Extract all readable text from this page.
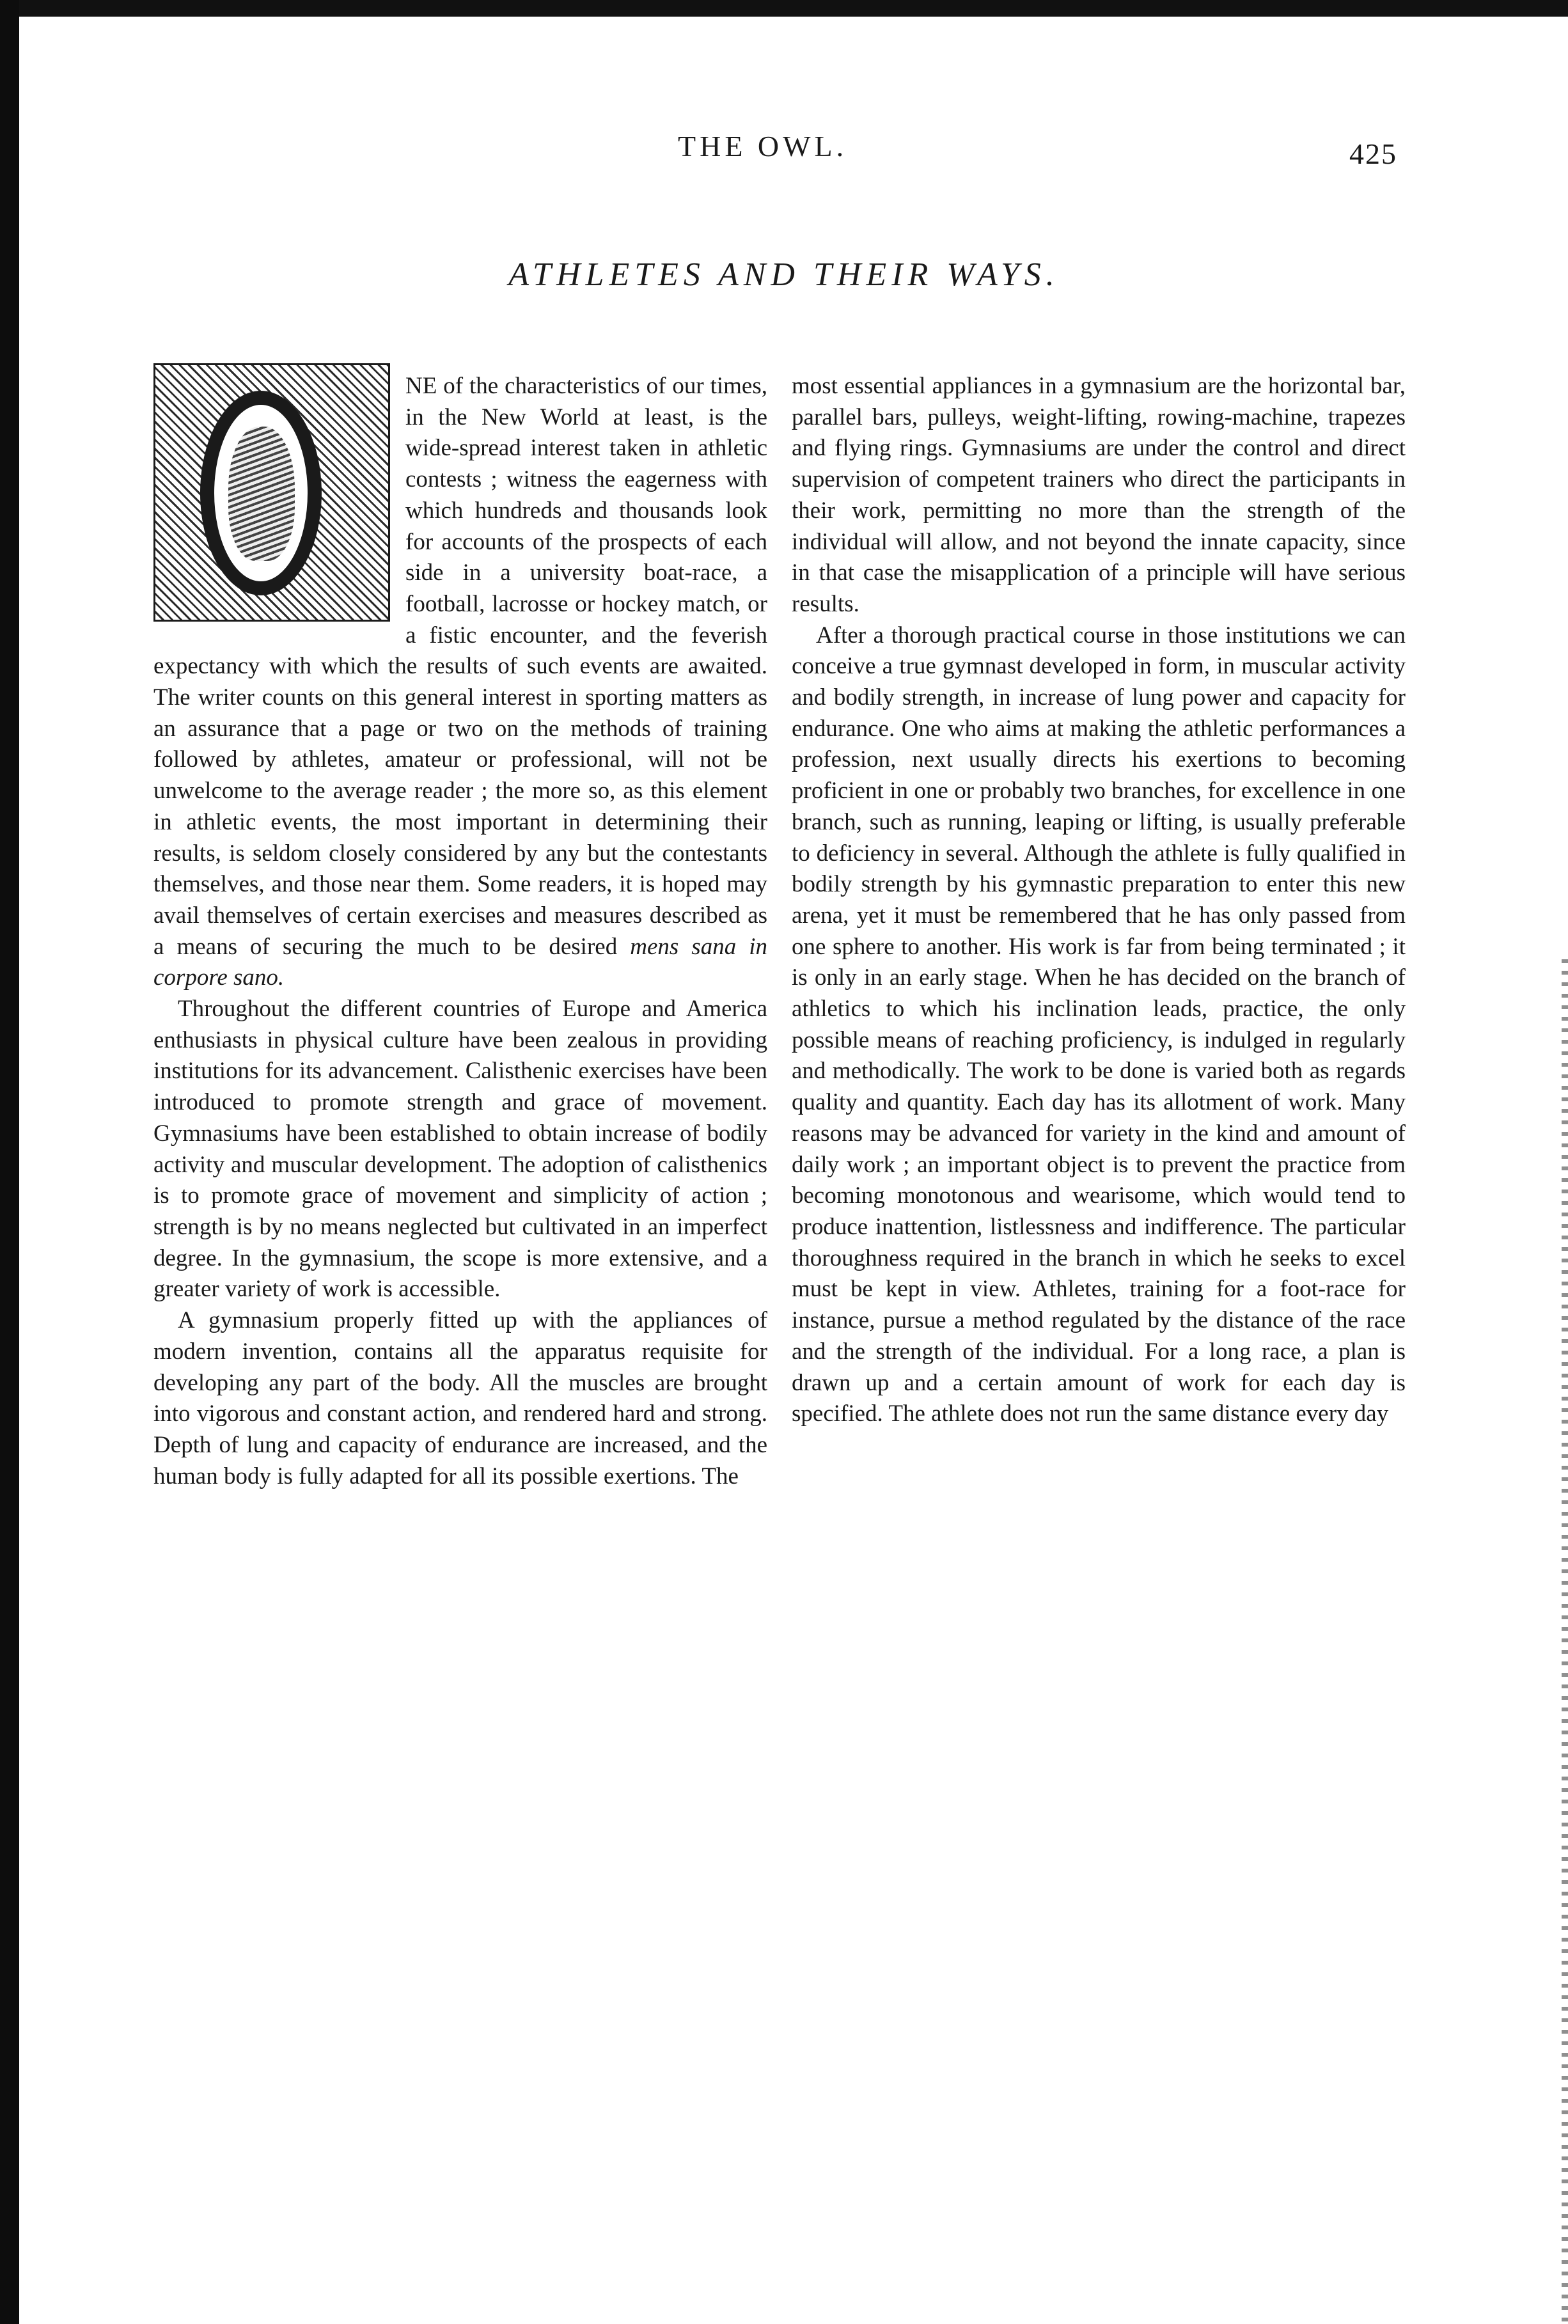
THE OWL.	425
ATHLETES AND THEIR WAYS.

NE of the characteristics of our times, in the New World at least, is the wide-spread interest taken in athletic contests ; witness the eagerness with which hundreds and thousands look for accounts of the prospects of each side in a university boat-race, a football, lacrosse or hockey match, or a fistic encounter, and the feverish expectancy with which the results of such events are awaited. The writer counts on this general interest in sporting matters as an assurance that a page or two on the methods of training followed by athletes, amateur or professional, will not be unwelcome to the average reader ; the more so, as this element in athletic events, the most important in determining their results, is seldom closely considered by any but the contestants themselves, and those near them. Some readers, it is hoped may avail themselves of certain exercises and measures described as a means of securing the much to be desired mens sana in corpore sano.

Throughout the different countries of Europe and America enthusiasts in physical culture have been zealous in providing institutions for its advancement. Calisthenic exercises have been introduced to promote strength and grace of movement. Gymnasiums have been established to obtain increase of bodily activity and muscular development. The adoption of calisthenics is to promote grace of movement and simplicity of action ; strength is by no means neglected but cultivated in an imperfect degree. In the gymnasium, the scope is more extensive, and a greater variety of work is accessible.

A gymnasium properly fitted up with the appliances of modern invention, contains all the apparatus requisite for developing any part of the body. All the muscles are brought into vigorous and constant action, and rendered hard and strong. Depth of lung and capacity of endurance are increased, and the human body is fully adapted for all its possible exertions. The

most essential appliances in a gymnasium are the horizontal bar, parallel bars, pulleys, weight-lifting, rowing-machine, trapezes and flying rings. Gymnasiums are under the control and direct supervision of competent trainers who direct the participants in their work, permitting no more than the strength of the individual will allow, and not beyond the innate capacity, since in that case the misapplication of a principle will have serious results.

After a thorough practical course in those institutions we can conceive a true gymnast developed in form, in muscular activity and bodily strength, in increase of lung power and capacity for endurance. One who aims at making the athletic performances a profession, next usually directs his exertions to becoming proficient in one or probably two branches, for excellence in one branch, such as running, leaping or lifting, is usually preferable to deficiency in several. Although the athlete is fully qualified in bodily strength by his gymnastic preparation to enter this new arena, yet it must be remembered that he has only passed from one sphere to another. His work is far from being terminated ; it is only in an early stage. When he has decided on the branch of athletics to which his inclination leads, practice, the only possible means of reaching proficiency, is indulged in regularly and methodically. The work to be done is varied both as regards quality and quantity. Each day has its allotment of work. Many reasons may be advanced for variety in the kind and amount of daily work ; an important object is to prevent the practice from becoming monotonous and wearisome, which would tend to produce inattention, listlessness and indifference. The particular thoroughness required in the branch in which he seeks to excel must be kept in view. Athletes, training for a foot-race for instance, pursue a method regulated by the distance of the race and the strength of the individual. For a long race, a plan is drawn up and a certain amount of work for each day is specified. The athlete does not run the same distance every day
